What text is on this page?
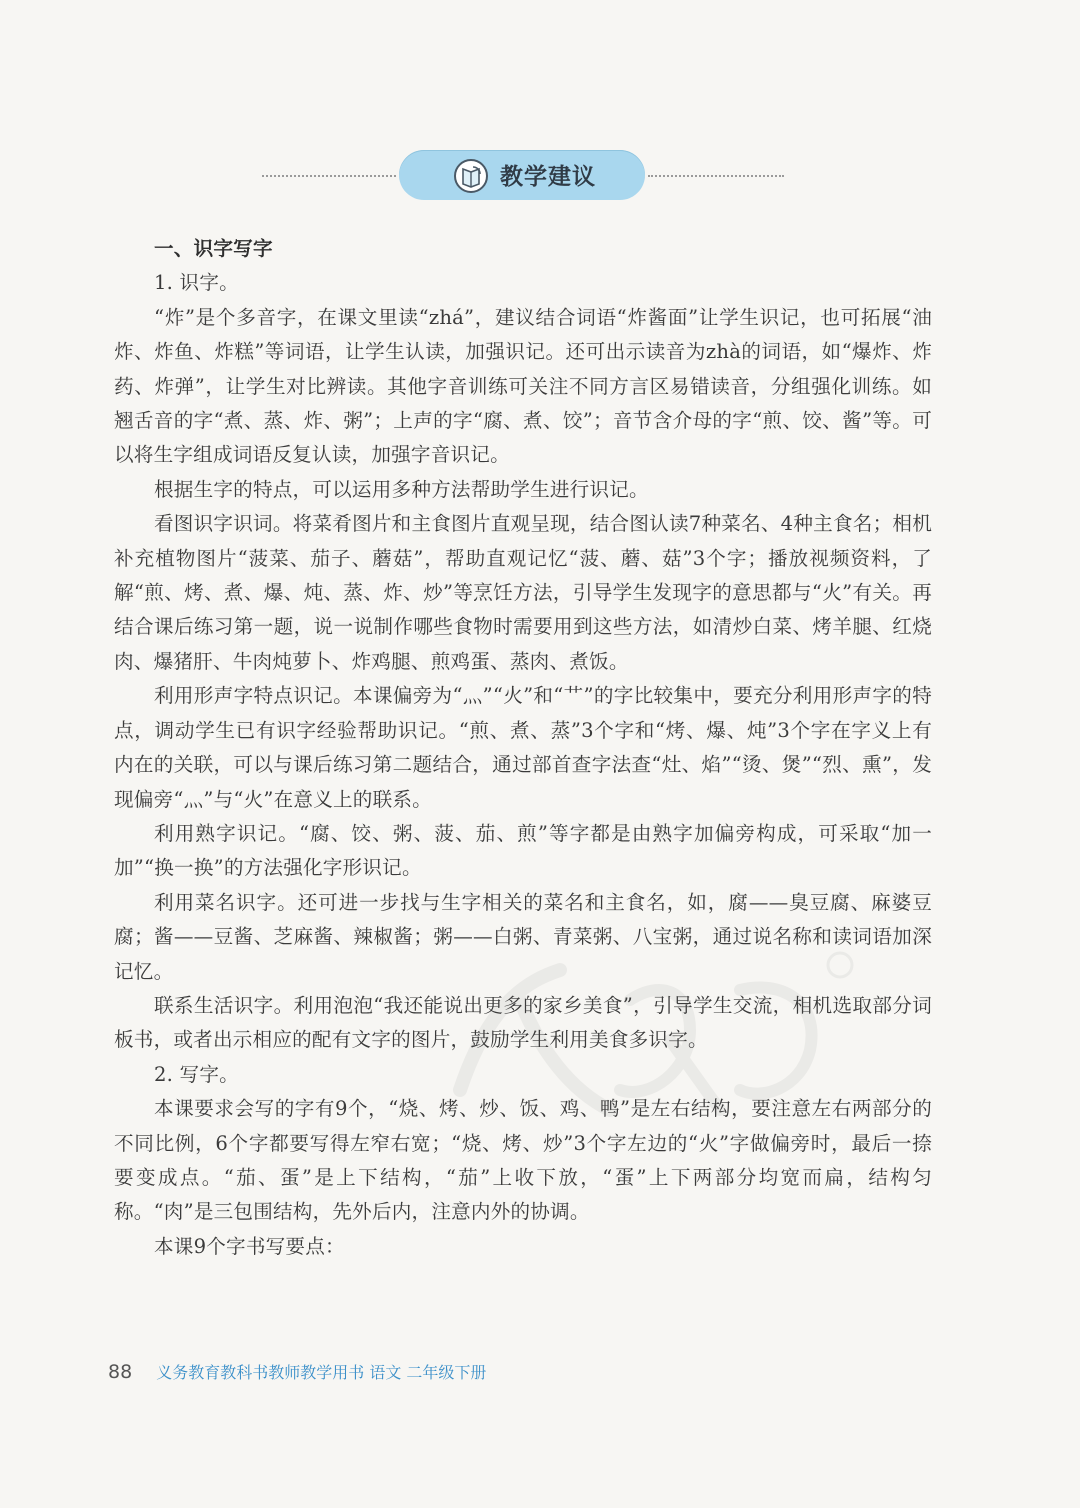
教学建议

一、识字写字

1. 识字。

“炸”是个多音字，在课文里读“zhá”，建议结合词语“炸酱面”让学生识记，也可拓展“油炸、炸鱼、炸糕”等词语，让学生认读，加强识记。还可出示读音为zhà的词语，如“爆炸、炸药、炸弹”，让学生对比辨读。其他字音训练可关注不同方言区易错读音，分组强化训练。如翘舌音的字“煮、蒸、炸、粥”；上声的字“腐、煮、饺”；音节含介母的字“煎、饺、酱”等。可以将生字组成词语反复认读，加强字音识记。

根据生字的特点，可以运用多种方法帮助学生进行识记。

看图识字识词。将菜肴图片和主食图片直观呈现，结合图认读7种菜名、4种主食名；相机补充植物图片“菠菜、茄子、蘑菇”，帮助直观记忆“菠、蘑、菇”3个字；播放视频资料，了解“煎、烤、煮、爆、炖、蒸、炸、炒”等烹饪方法，引导学生发现字的意思都与“火”有关。再结合课后练习第一题，说一说制作哪些食物时需要用到这些方法，如清炒白菜、烤羊腿、红烧肉、爆猪肝、牛肉炖萝卜、炸鸡腿、煎鸡蛋、蒸肉、煮饭。

利用形声字特点识记。本课偏旁为“灬”“火”和“艹”的字比较集中，要充分利用形声字的特点，调动学生已有识字经验帮助识记。“煎、煮、蒸”3个字和“烤、爆、炖”3个字在字义上有内在的关联，可以与课后练习第二题结合，通过部首查字法查“灶、焰”“烫、煲”“烈、熏”，发现偏旁“灬”与“火”在意义上的联系。

利用熟字识记。“腐、饺、粥、菠、茄、煎”等字都是由熟字加偏旁构成，可采取“加一加”“换一换”的方法强化字形识记。

利用菜名识字。还可进一步找与生字相关的菜名和主食名，如，腐——臭豆腐、麻婆豆腐；酱——豆酱、芝麻酱、辣椒酱；粥——白粥、青菜粥、八宝粥，通过说名称和读词语加深记忆。

联系生活识字。利用泡泡“我还能说出更多的家乡美食”，引导学生交流，相机选取部分词板书，或者出示相应的配有文字的图片，鼓励学生利用美食多识字。

2. 写字。

本课要求会写的字有9个，“烧、烤、炒、饭、鸡、鸭”是左右结构，要注意左右两部分的不同比例，6个字都要写得左窄右宽；“烧、烤、炒”3个字左边的“火”字做偏旁时，最后一捺要变成点。“茄、蛋”是上下结构，“茄”上收下放，“蛋”上下两部分均宽而扁，结构匀称。“肉”是三包围结构，先外后内，注意内外的协调。

本课9个字书写要点：

88 义务教育教科书教师教学用书 语文 二年级下册
